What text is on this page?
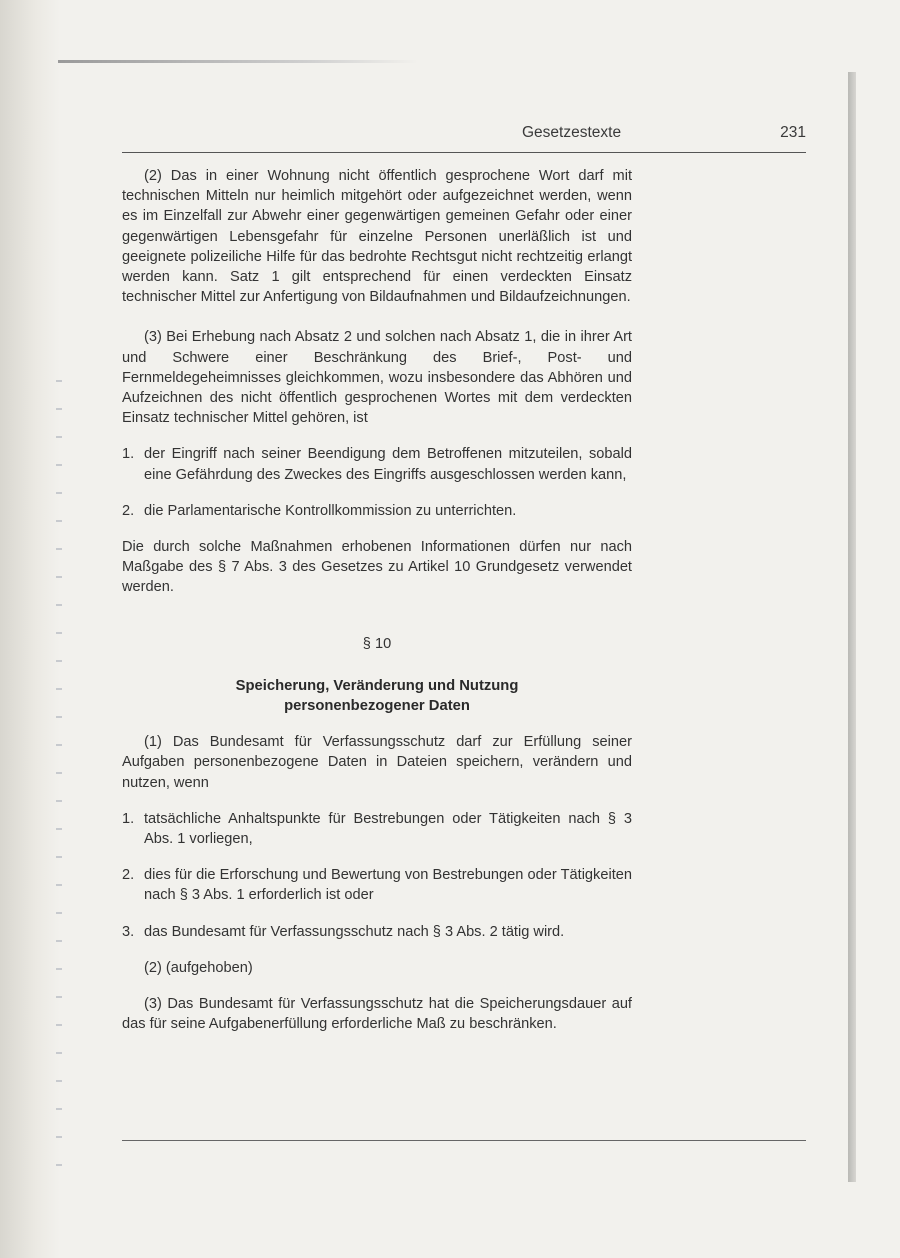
Gesetzestexte	231

(2) Das in einer Wohnung nicht öffentlich gesprochene Wort darf mit technischen Mitteln nur heimlich mitgehört oder aufgezeichnet werden, wenn es im Einzelfall zur Abwehr einer gegenwärtigen gemeinen Gefahr oder einer gegenwärtigen Lebensgefahr für einzelne Personen unerläßlich ist und geeignete polizeiliche Hilfe für das bedrohte Rechtsgut nicht rechtzeitig erlangt werden kann. Satz 1 gilt entsprechend für einen verdeckten Einsatz technischer Mittel zur Anfertigung von Bildaufnahmen und Bildaufzeichnungen.

(3) Bei Erhebung nach Absatz 2 und solchen nach Absatz 1, die in ihrer Art und Schwere einer Beschränkung des Brief-, Post- und Fernmeldegeheimnisses gleichkommen, wozu insbesondere das Abhören und Aufzeichnen des nicht öffentlich gesprochenen Wortes mit dem verdeckten Einsatz technischer Mittel gehören, ist

1. der Eingriff nach seiner Beendigung dem Betroffenen mitzuteilen, sobald eine Gefährdung des Zweckes des Eingriffs ausgeschlossen werden kann,
2. die Parlamentarische Kontrollkommission zu unterrichten.

Die durch solche Maßnahmen erhobenen Informationen dürfen nur nach Maßgabe des § 7 Abs. 3 des Gesetzes zu Artikel 10 Grundgesetz verwendet werden.

§ 10
Speicherung, Veränderung und Nutzung
personenbezogener Daten

(1) Das Bundesamt für Verfassungsschutz darf zur Erfüllung seiner Aufgaben personenbezogene Daten in Dateien speichern, verändern und nutzen, wenn

1. tatsächliche Anhaltspunkte für Bestrebungen oder Tätigkeiten nach § 3 Abs. 1 vorliegen,
2. dies für die Erforschung und Bewertung von Bestrebungen oder Tätigkeiten nach § 3 Abs. 1 erforderlich ist oder
3. das Bundesamt für Verfassungsschutz nach § 3 Abs. 2 tätig wird.

(2) (aufgehoben)

(3) Das Bundesamt für Verfassungsschutz hat die Speicherungsdauer auf das für seine Aufgabenerfüllung erforderliche Maß zu beschränken.
